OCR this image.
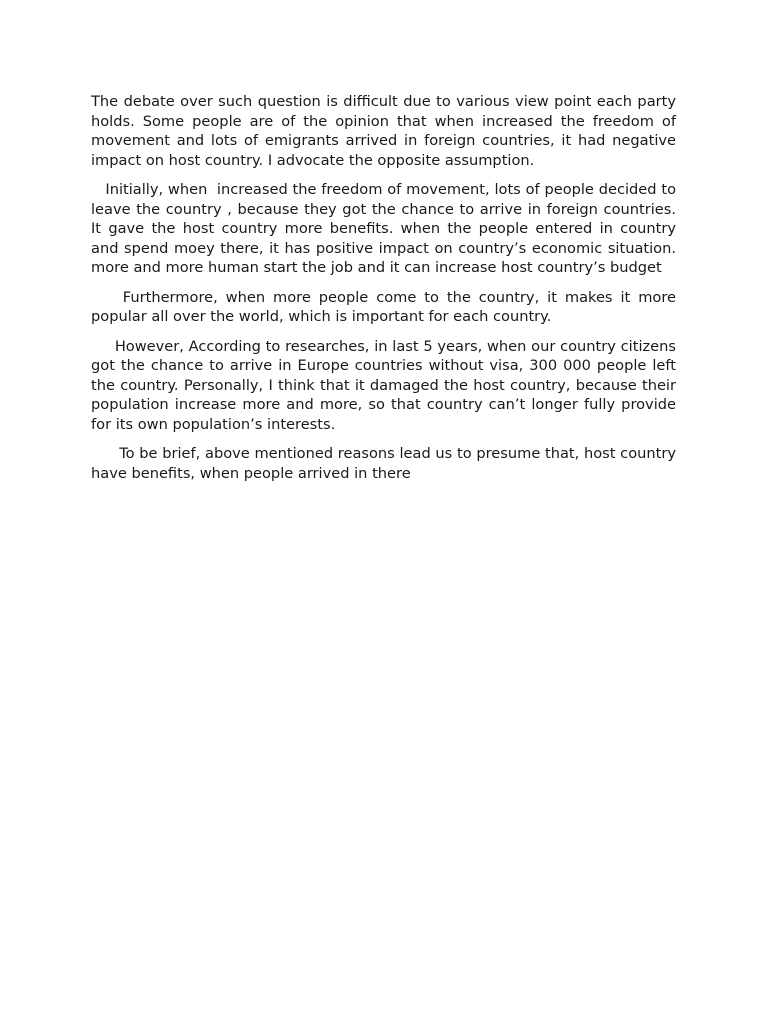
The debate over such question is difficult due to various view point each party holds. Some people are of the opinion that when increased the freedom of movement and lots of emigrants arrived in foreign countries, it had negative impact on host country. I advocate the opposite assumption.

Initially, when  increased the freedom of movement, lots of people decided to leave the country , because they got the chance to arrive in foreign countries. It gave the host country more benefits. when the people entered in country and spend moey there, it has positive impact on country’s economic situation. more and more human start the job and it can increase host country’s budget

Furthermore, when more people come to the country, it makes it more popular all over the world, which is important for each country.

However, According to researches, in last 5 years, when our country citizens got the chance to arrive in Europe countries without visa, 300 000 people left the country. Personally, I think that it damaged the host country, because their population increase more and more, so that country can’t longer fully provide for its own population’s interests.

To be brief, above mentioned reasons lead us to presume that, host country have benefits, when people arrived in there
